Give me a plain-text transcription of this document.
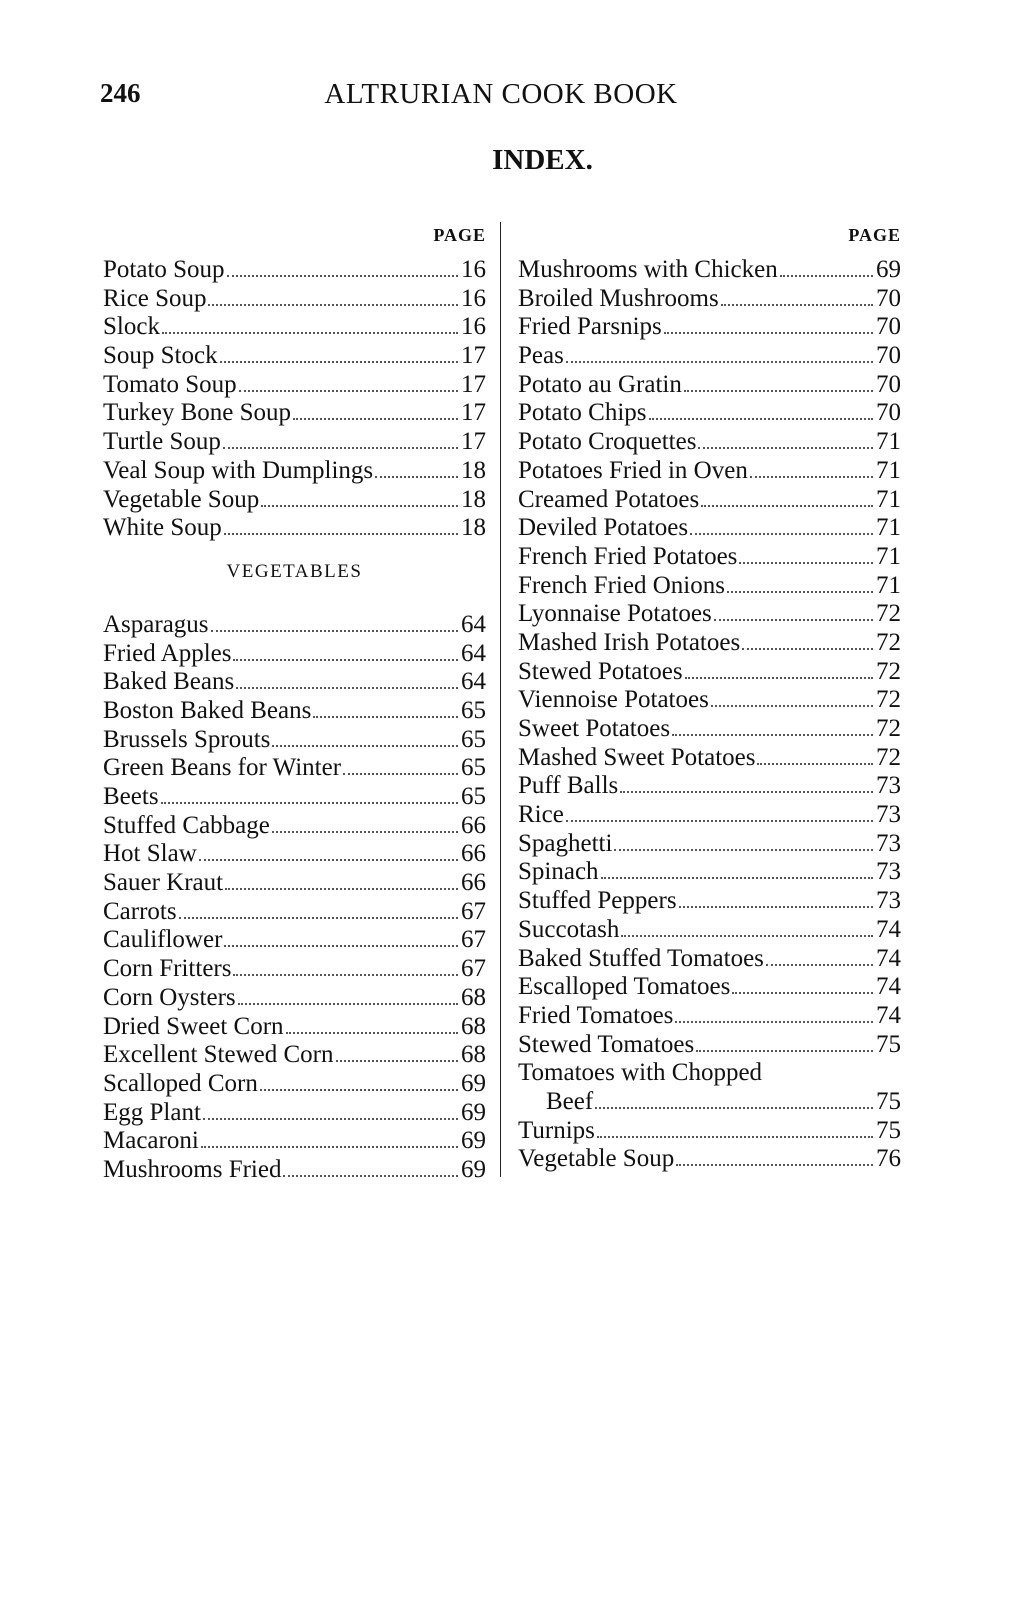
246	ALTRURIAN COOK BOOK
INDEX.
PAGE
Potato Soup	16
Rice Soup	16
Slock	16
Soup Stock	17
Tomato Soup	17
Turkey Bone Soup	17
Turtle Soup	17
Veal Soup with Dumplings	18
Vegetable Soup	18
White Soup	18
VEGETABLES
Asparagus	64
Fried Apples	64
Baked Beans	64
Boston Baked Beans	65
Brussels Sprouts	65
Green Beans for Winter	65
Beets	65
Stuffed Cabbage	66
Hot Slaw	66
Sauer Kraut	66
Carrots	67
Cauliflower	67
Corn Fritters	67
Corn Oysters	68
Dried Sweet Corn	68
Excellent Stewed Corn	68
Scalloped Corn	69
Egg Plant	69
Macaroni	69
Mushrooms Fried	69
PAGE
Mushrooms with Chicken	69
Broiled Mushrooms	70
Fried Parsnips	70
Peas	70
Potato au Gratin	70
Potato Chips	70
Potato Croquettes	71
Potatoes Fried in Oven	71
Creamed Potatoes	71
Deviled Potatoes	71
French Fried Potatoes	71
French Fried Onions	71
Lyonnaise Potatoes	72
Mashed Irish Potatoes	72
Stewed Potatoes	72
Viennoise Potatoes	72
Sweet Potatoes	72
Mashed Sweet Potatoes	72
Puff Balls	73
Rice	73
Spaghetti	73
Spinach	73
Stuffed Peppers	73
Succotash	74
Baked Stuffed Tomatoes	74
Escalloped Tomatoes	74
Fried Tomatoes	74
Stewed Tomatoes	75
Tomatoes with Chopped
Beef	75
Turnips	75
Vegetable Soup	76
